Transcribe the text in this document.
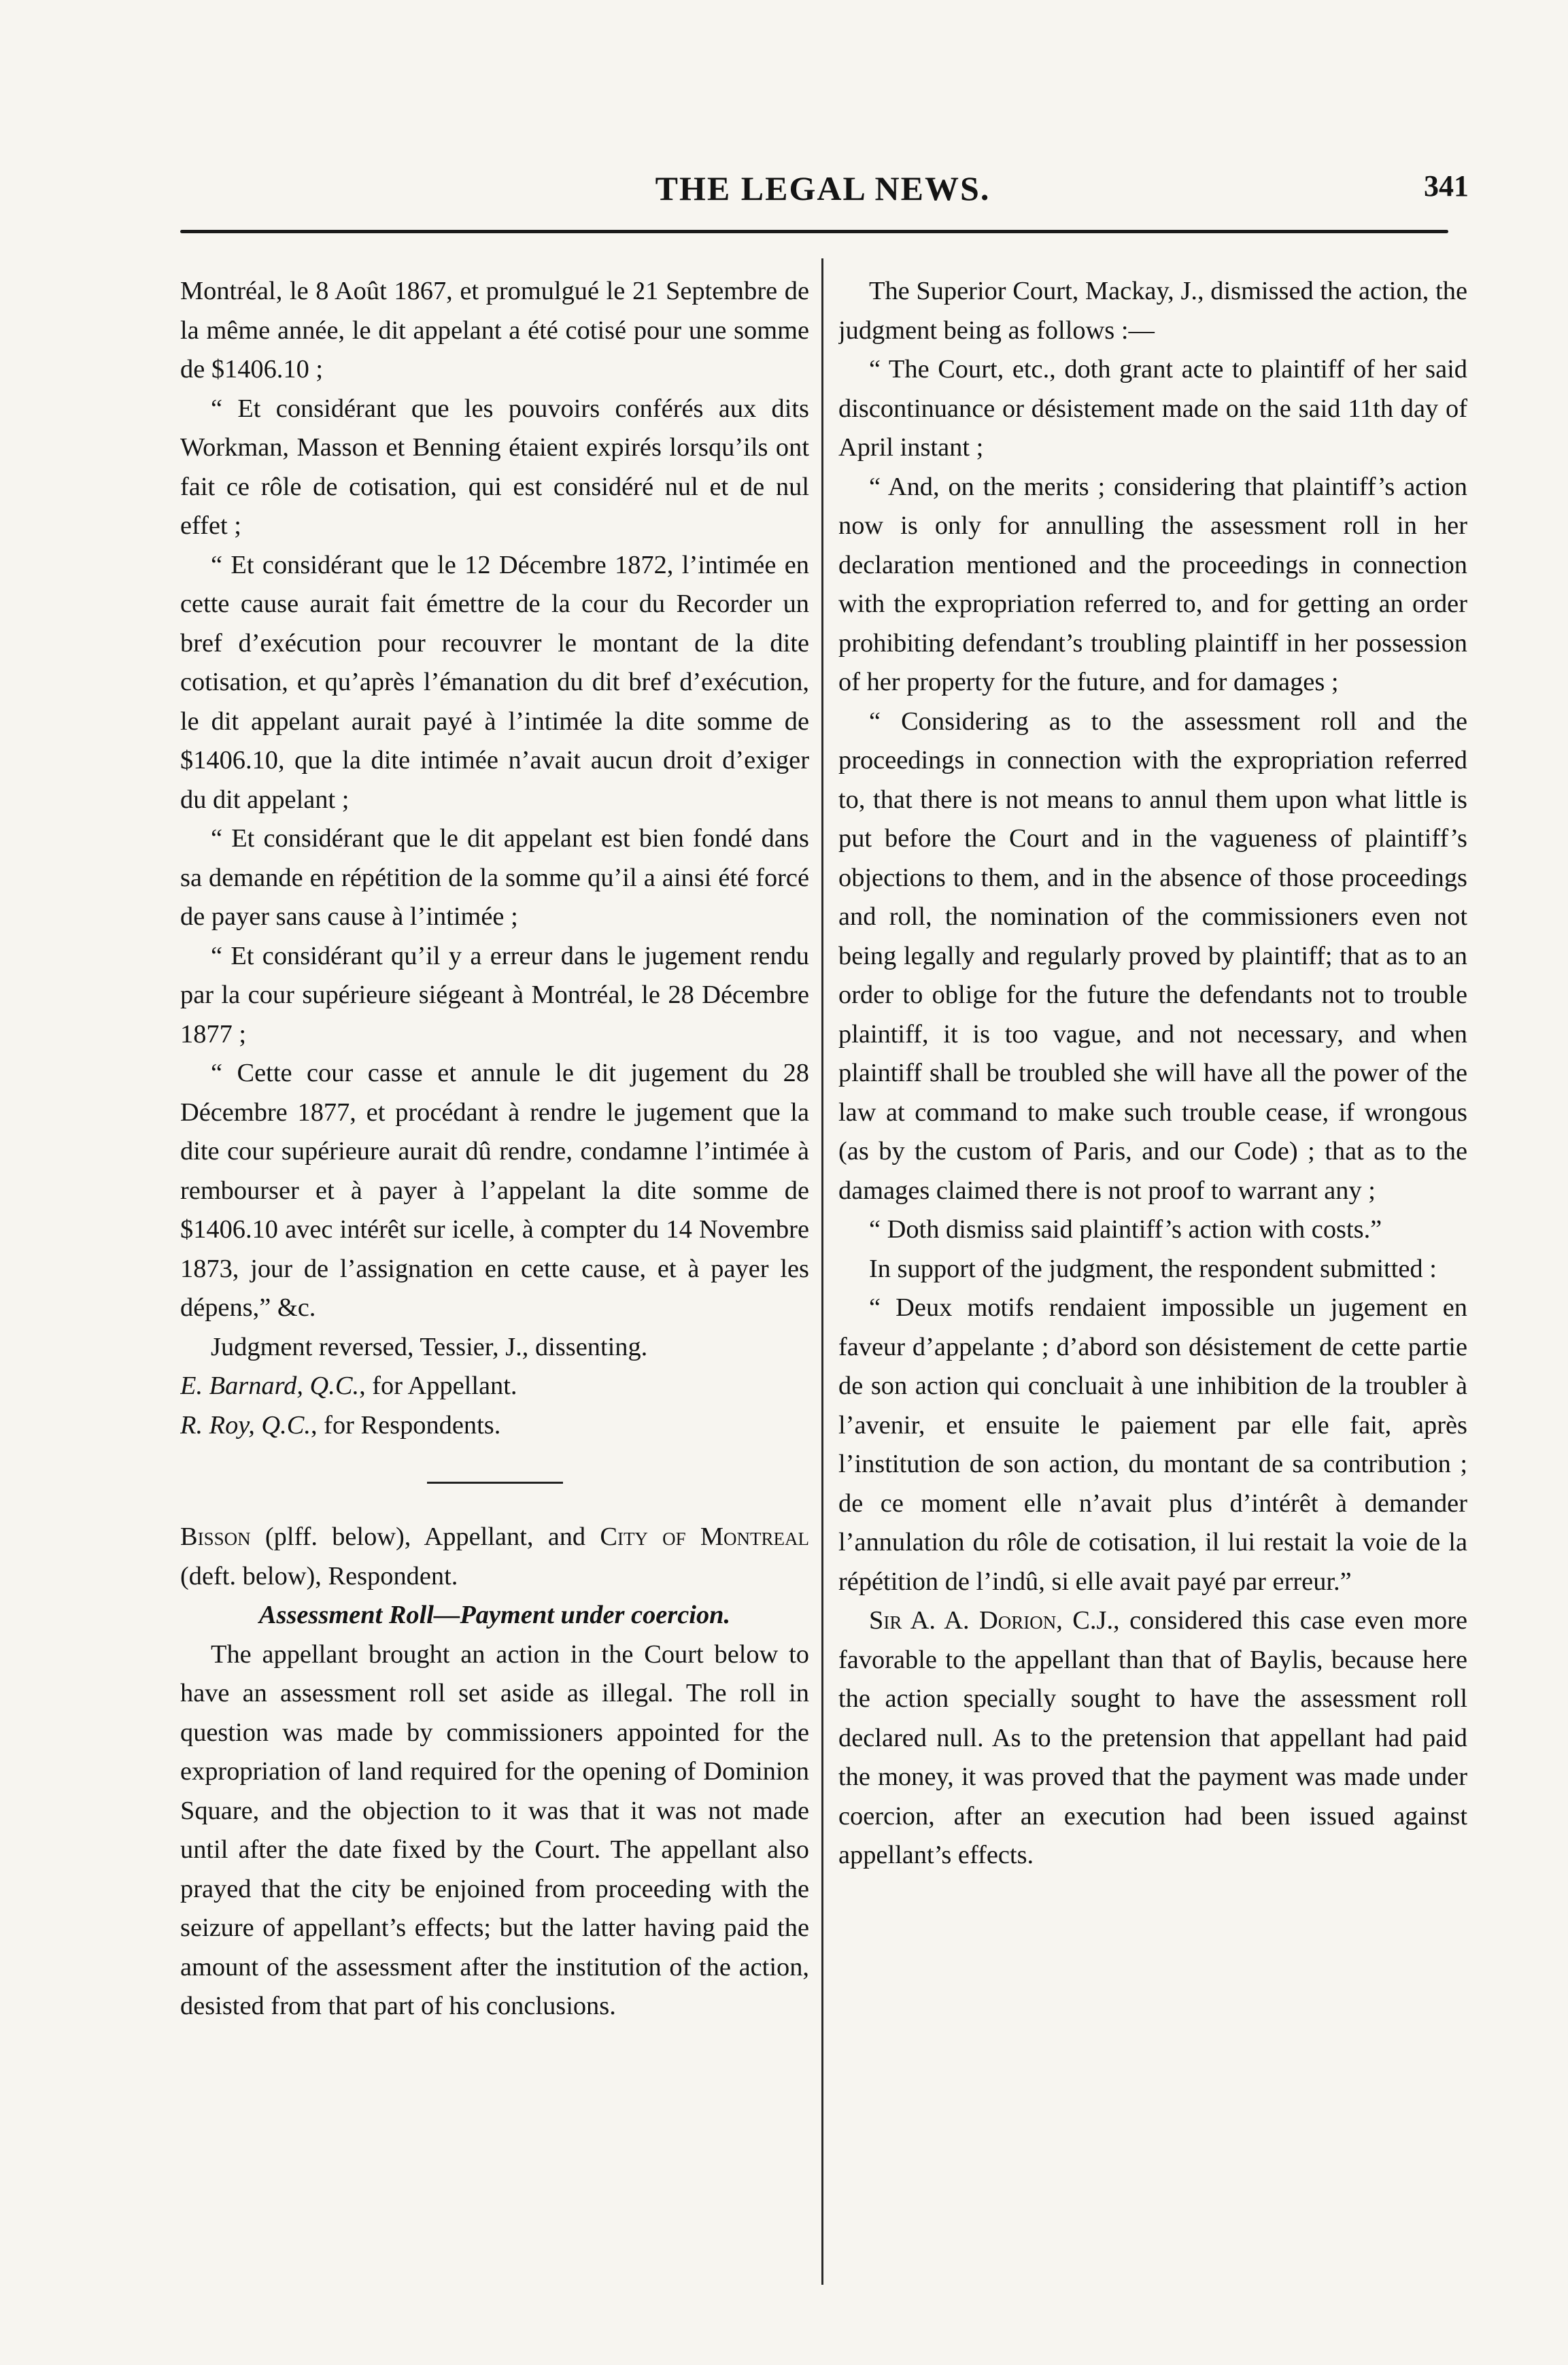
THE LEGAL NEWS.	341

Montréal, le 8 Août 1867, et promulgué le 21 Septembre de la même année, le dit appelant a été cotisé pour une somme de $1406.10 ;

“ Et considérant que les pouvoirs conférés aux dits Workman, Masson et Benning étaient expirés lorsqu’ils ont fait ce rôle de cotisation, qui est considéré nul et de nul effet ;

“ Et considérant que le 12 Décembre 1872, l’intimée en cette cause aurait fait émettre de la cour du Recorder un bref d’exécution pour recouvrer le montant de la dite cotisation, et qu’après l’émanation du dit bref d’exécution, le dit appelant aurait payé à l’intimée la dite somme de $1406.10, que la dite intimée n’avait aucun droit d’exiger du dit appelant ;

“ Et considérant que le dit appelant est bien fondé dans sa demande en répétition de la somme qu’il a ainsi été forcé de payer sans cause à l’intimée ;

“ Et considérant qu’il y a erreur dans le jugement rendu par la cour supérieure siégeant à Montréal, le 28 Décembre 1877 ;

“ Cette cour casse et annule le dit jugement du 28 Décembre 1877, et procédant à rendre le jugement que la dite cour supérieure aurait dû rendre, condamne l’intimée à rembourser et à payer à l’appelant la dite somme de $1406.10 avec intérêt sur icelle, à compter du 14 Novembre 1873, jour de l’assignation en cette cause, et à payer les dépens,” &c.

Judgment reversed, Tessier, J., dissenting.

E. Barnard, Q.C., for Appellant.

R. Roy, Q.C., for Respondents.

Bisson (plff. below), Appellant, and City of Montreal (deft. below), Respondent.

Assessment Roll—Payment under coercion.

The appellant brought an action in the Court below to have an assessment roll set aside as illegal. The roll in question was made by commissioners appointed for the expropriation of land required for the opening of Dominion Square, and the objection to it was that it was not made until after the date fixed by the Court. The appellant also prayed that the city be enjoined from proceeding with the seizure of appellant’s effects; but the latter having paid the amount of the assessment after the institution of the action, desisted from that part of his conclusions.

The Superior Court, Mackay, J., dismissed the action, the judgment being as follows :—

“ The Court, etc., doth grant acte to plaintiff of her said discontinuance or désistement made on the said 11th day of April instant ;

“ And, on the merits ; considering that plaintiff’s action now is only for annulling the assessment roll in her declaration mentioned and the proceedings in connection with the expropriation referred to, and for getting an order prohibiting defendant’s troubling plaintiff in her possession of her property for the future, and for damages ;

“ Considering as to the assessment roll and the proceedings in connection with the expropriation referred to, that there is not means to annul them upon what little is put before the Court and in the vagueness of plaintiff’s objections to them, and in the absence of those proceedings and roll, the nomination of the commissioners even not being legally and regularly proved by plaintiff; that as to an order to oblige for the future the defendants not to trouble plaintiff, it is too vague, and not necessary, and when plaintiff shall be troubled she will have all the power of the law at command to make such trouble cease, if wrongous (as by the custom of Paris, and our Code) ; that as to the damages claimed there is not proof to warrant any ;

“ Doth dismiss said plaintiff’s action with costs.”

In support of the judgment, the respondent submitted :

“ Deux motifs rendaient impossible un jugement en faveur d’appelante ; d’abord son désistement de cette partie de son action qui concluait à une inhibition de la troubler à l’avenir, et ensuite le paiement par elle fait, après l’institution de son action, du montant de sa contribution ; de ce moment elle n’avait plus d’intérêt à demander l’annulation du rôle de cotisation, il lui restait la voie de la répétition de l’indû, si elle avait payé par erreur.”

Sir A. A. Dorion, C.J., considered this case even more favorable to the appellant than that of Baylis, because here the action specially sought to have the assessment roll declared null. As to the pretension that appellant had paid the money, it was proved that the payment was made under coercion, after an execution had been issued against appellant’s effects.
